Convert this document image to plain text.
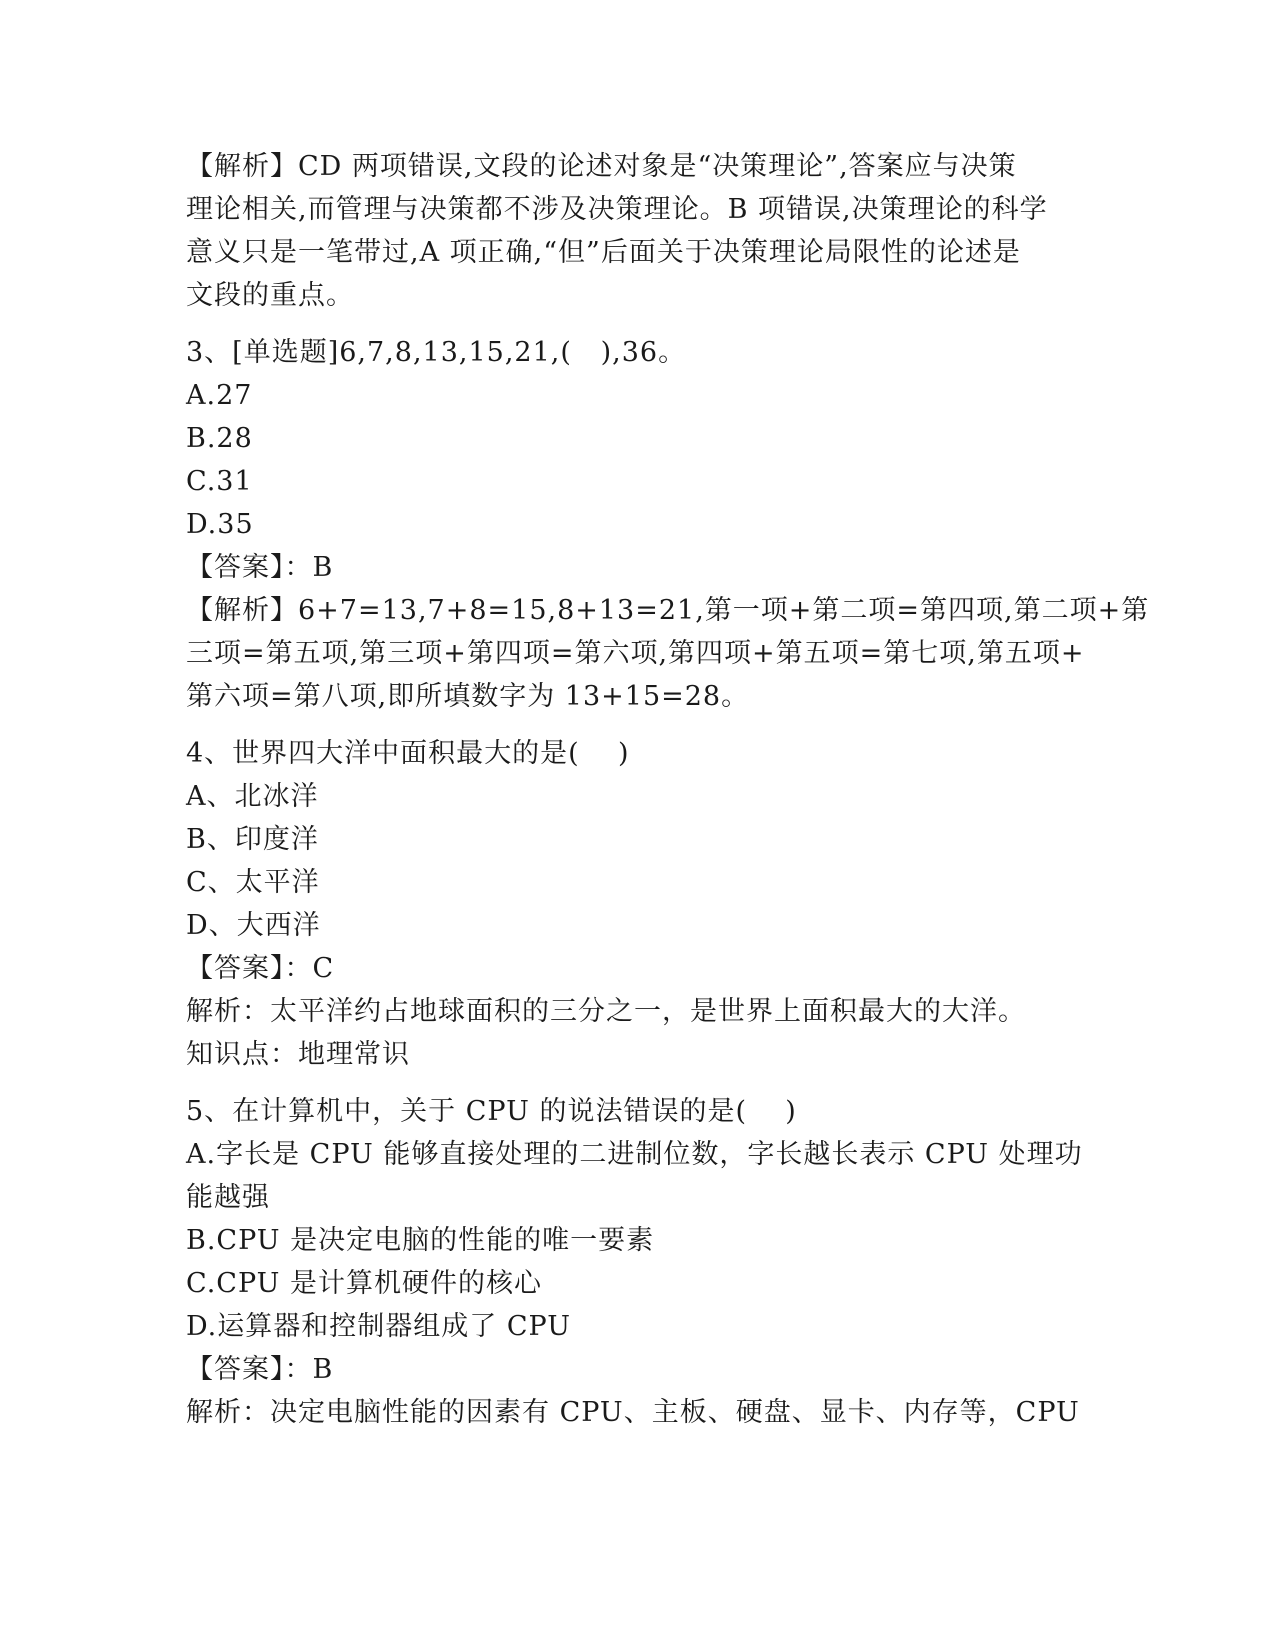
【解析】CD 两项错误,文段的论述对象是“决策理论”,答案应与决策
理论相关,而管理与决策都不涉及决策理论。B 项错误,决策理论的科学
意义只是一笔带过,A 项正确,“但”后面关于决策理论局限性的论述是
文段的重点。
3、[单选题]6,7,8,13,15,21,(   ),36。
A.27
B.28
C.31
D.35
【答案】：B
【解析】6+7=13,7+8=15,8+13=21,第一项+第二项=第四项,第二项+第
三项=第五项,第三项+第四项=第六项,第四项+第五项=第七项,第五项+
第六项=第八项,即所填数字为 13+15=28。
4、世界四大洋中面积最大的是(    )
A、北冰洋
B、印度洋
C、太平洋
D、大西洋
【答案】：C
解析：太平洋约占地球面积的三分之一，是世界上面积最大的大洋。
知识点：地理常识
5、在计算机中，关于 CPU 的说法错误的是(    )
A.字长是 CPU 能够直接处理的二进制位数，字长越长表示 CPU 处理功
能越强
B.CPU 是决定电脑的性能的唯一要素
C.CPU 是计算机硬件的核心
D.运算器和控制器组成了 CPU
【答案】：B
解析：决定电脑性能的因素有 CPU、主板、硬盘、显卡、内存等，CPU
